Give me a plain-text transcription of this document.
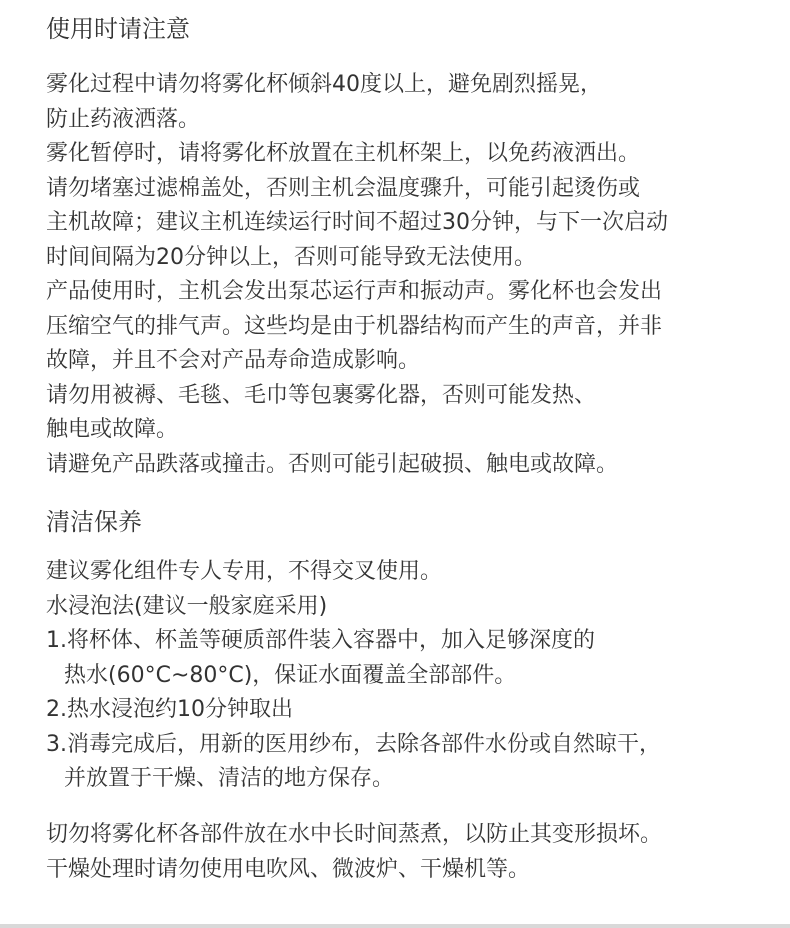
使用时请注意

雾化过程中请勿将雾化杯倾斜40度以上，避免剧烈摇晃，

防止药液洒落。

雾化暂停时，请将雾化杯放置在主机杯架上，以免药液洒出。

请勿堵塞过滤棉盖处，否则主机会温度骤升，可能引起烫伤或

主机故障；建议主机连续运行时间不超过30分钟，与下一次启动

时间间隔为20分钟以上，否则可能导致无法使用。

产品使用时，主机会发出泵芯运行声和振动声。雾化杯也会发出

压缩空气的排气声。这些均是由于机器结构而产生的声音，并非

故障，并且不会对产品寿命造成影响。

请勿用被褥、毛毯、毛巾等包裹雾化器，否则可能发热、

触电或故障。

请避免产品跌落或撞击。否则可能引起破损、触电或故障。

清洁保养

建议雾化组件专人专用，不得交叉使用。

水浸泡法(建议一般家庭采用)

1.将杯体、杯盖等硬质部件装入容器中，加入足够深度的

热水(60°C~80°C)，保证水面覆盖全部部件。

2.热水浸泡约10分钟取出

3.消毒完成后，用新的医用纱布，去除各部件水份或自然晾干，

并放置于干燥、清洁的地方保存。

切勿将雾化杯各部件放在水中长时间蒸煮，以防止其变形损坏。

干燥处理时请勿使用电吹风、微波炉、干燥机等。
